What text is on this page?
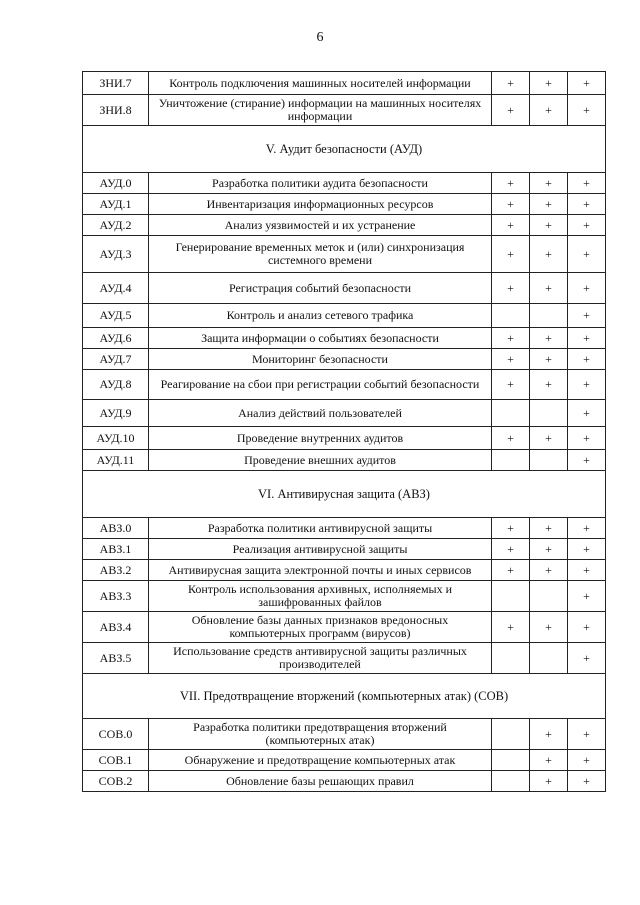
6
ЗНИ.7	Контроль подключения машинных носителей информации	+	+	+
ЗНИ.8	Уничтожение (стирание) информации на машинных носителях информации	+	+	+
V. Аудит безопасности (АУД)				
АУД.0	Разработка политики аудита безопасности	+	+	+
АУД.1	Инвентаризация информационных ресурсов	+	+	+
АУД.2	Анализ уязвимостей и их устранение	+	+	+
АУД.3	Генерирование временных меток и (или) синхронизация системного времени	+	+	+
АУД.4	Регистрация событий безопасности	+	+	+
АУД.5	Контроль и анализ сетевого трафика			+
АУД.6	Защита информации о событиях безопасности	+	+	+
АУД.7	Мониторинг безопасности	+	+	+
АУД.8	Реагирование на сбои при регистрации событий безопасности	+	+	+
АУД.9	Анализ действий пользователей			+
АУД.10	Проведение внутренних аудитов	+	+	+
АУД.11	Проведение внешних аудитов			+
VI. Антивирусная защита (АВЗ)				
АВЗ.0	Разработка политики антивирусной защиты	+	+	+
АВЗ.1	Реализация антивирусной защиты	+	+	+
АВЗ.2	Антивирусная защита электронной почты и иных сервисов	+	+	+
АВЗ.3	Контроль использования архивных, исполняемых и зашифрованных файлов			+
АВЗ.4	Обновление базы данных признаков вредоносных компьютерных программ (вирусов)	+	+	+
АВЗ.5	Использование средств антивирусной защиты различных производителей			+
VII. Предотвращение вторжений (компьютерных атак) (СОВ)				
СОВ.0	Разработка политики предотвращения вторжений (компьютерных атак)		+	+
СОВ.1	Обнаружение и предотвращение компьютерных атак		+	+
СОВ.2	Обновление базы решающих правил		+	+
